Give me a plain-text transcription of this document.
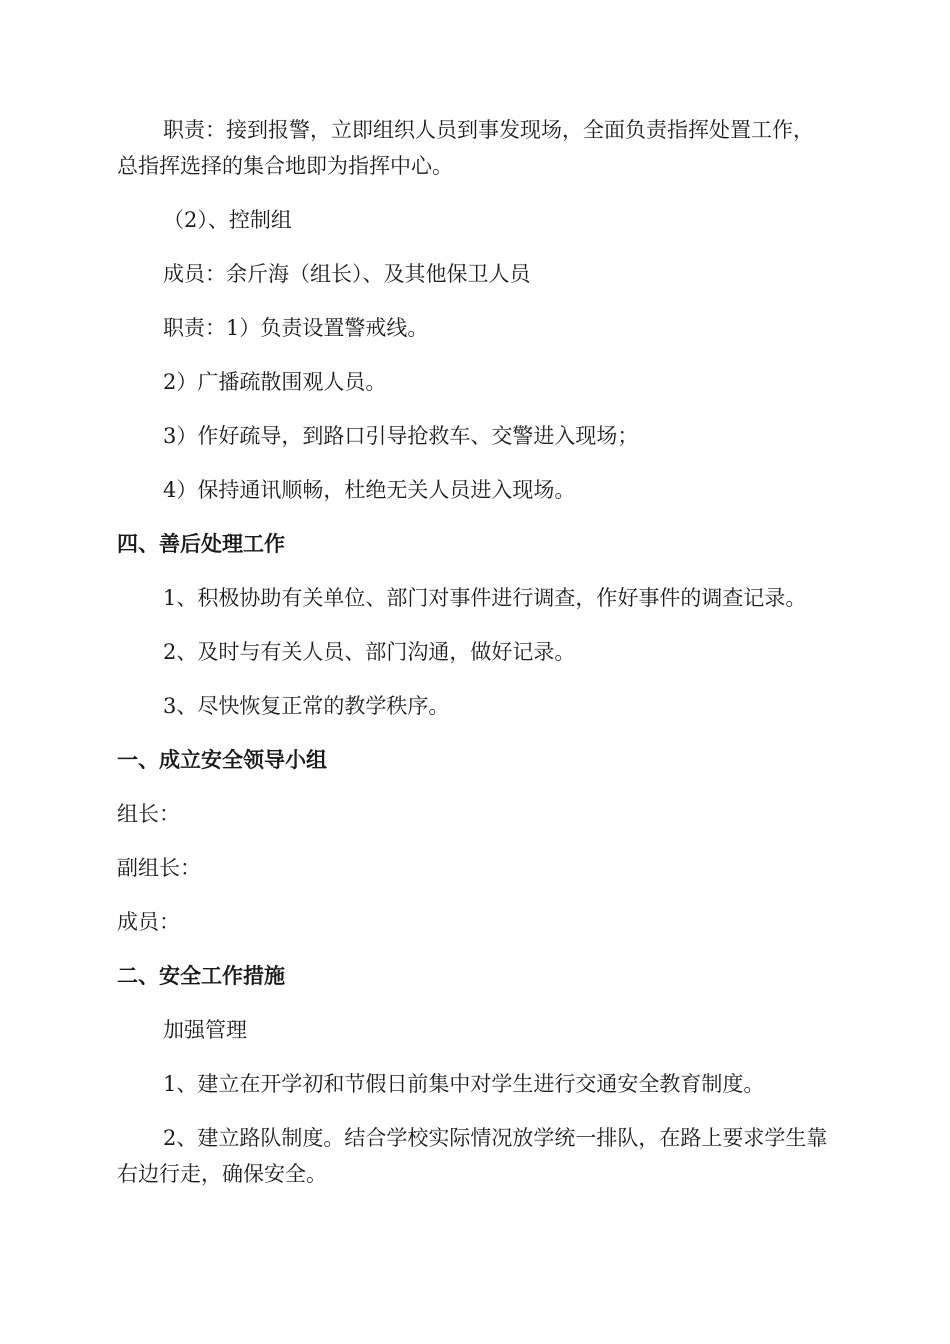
职责：接到报警，立即组织人员到事发现场，全面负责指挥处置工作，总指挥选择的集合地即为指挥中心。

（2）、控制组

成员：余斤海（组长）、及其他保卫人员

职责：1）负责设置警戒线。

2）广播疏散围观人员。

3）作好疏导，到路口引导抢救车、交警进入现场；

4）保持通讯顺畅，杜绝无关人员进入现场。

四、善后处理工作

1、积极协助有关单位、部门对事件进行调查，作好事件的调查记录。

2、及时与有关人员、部门沟通，做好记录。

3、尽快恢复正常的教学秩序。

一、成立安全领导小组

组长：

副组长：

成员：

二、安全工作措施

加强管理

1、建立在开学初和节假日前集中对学生进行交通安全教育制度。

2、建立路队制度。结合学校实际情况放学统一排队，在路上要求学生靠右边行走，确保安全。
